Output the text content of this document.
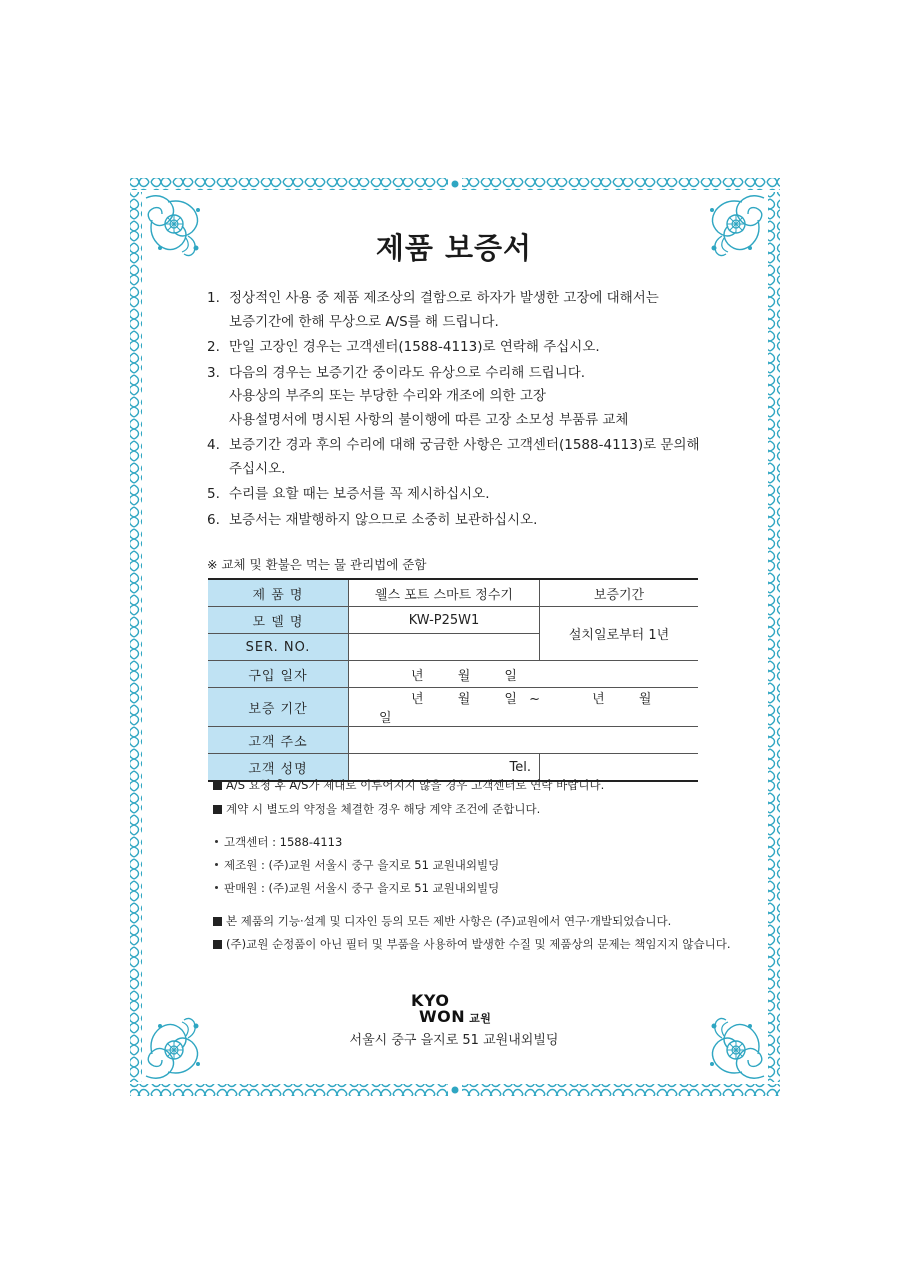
제품 보증서
1. 정상적인 사용 중 제품 제조상의 결함으로 하자가 발생한 고장에 대해서는
보증기간에 한해 무상으로 A/S를 해 드립니다.
2. 만일 고장인 경우는 고객센터(1588-4113)로 연락해 주십시오.
3. 다음의 경우는 보증기간 중이라도 유상으로 수리해 드립니다.
사용상의 부주의 또는 부당한 수리와 개조에 의한 고장
사용설명서에 명시된 사항의 불이행에 따른 고장 소모성 부품류 교체
4. 보증기간 경과 후의 수리에 대해 궁금한 사항은 고객센터(1588-4113)로 문의해
주십시오.
5. 수리를 요할 때는 보증서를 꼭 제시하십시오.
6. 보증서는 재발행하지 않으므로 소중히 보관하십시오.
※ 교체 및 환불은 먹는 물 관리법에 준함
제 품 명	웰스 포트 스마트 정수기	보증기간
모 델 명	KW-P25W1	설치일로부터 1년
SER. NO.		
구입 일자	년 월 일	
보증 기간	년 월 일 ~ 년 월 일	
고객 주소		
고객 성명	Tel.	
A/S 요청 후 A/S가 제대로 이루어지지 않을 경우 고객센터로 연락 바랍니다.
계약 시 별도의 약정을 체결한 경우 해당 계약 조건에 준합니다.
고객센터 : 1588-4113
제조원 : (주)교원 서울시 중구 을지로 51 교원내외빌딩
판매원 : (주)교원 서울시 중구 을지로 51 교원내외빌딩
본 제품의 기능·설계 및 디자인 등의 모든 제반 사항은 (주)교원에서 연구·개발되었습니다.
(주)교원 순정품이 아닌 필터 및 부품을 사용하여 발생한 수질 및 제품상의 문제는 책임지지 않습니다.
KYO
WON 교원
서울시 중구 을지로 51 교원내외빌딩
